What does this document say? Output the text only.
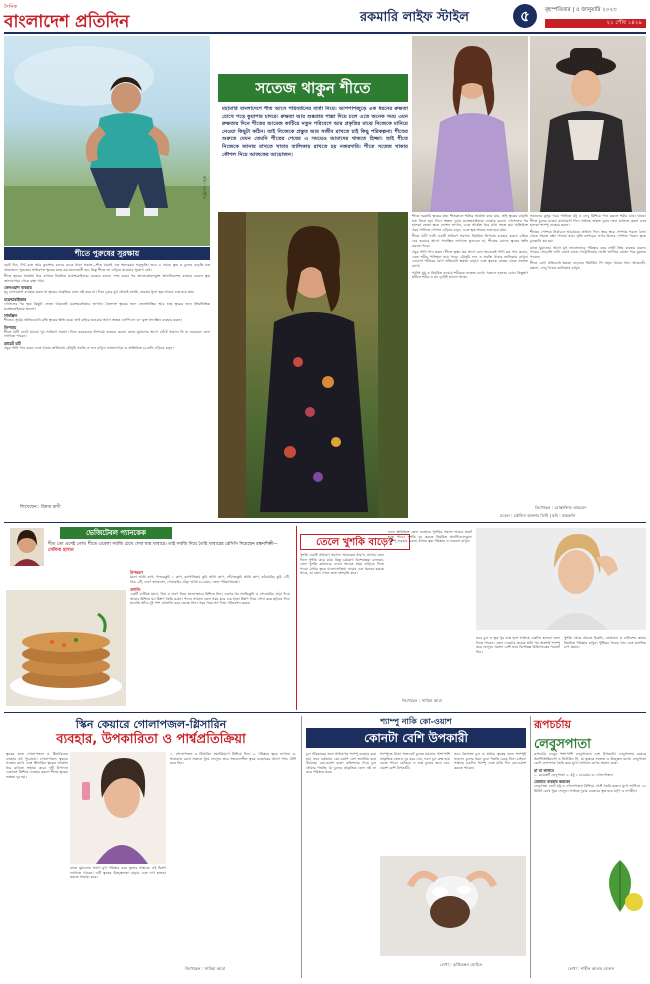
দৈনিক
বাংলাদেশ প্রতিদিন	রকমারি লাইফ স্টাইল	৫	বৃহস্পতিবার | ৫ জানুয়ারি ২০২৩
২১ পৌষ ১৪২৯
ছবি : সংগৃহীত
শীতে পুরুষের সুরক্ষায়

ছোট দিন, দীর্ঘ রাত আর কুয়াশার চাদরে ঢেকে থাকা সকাল—শীত মানেই এক অন্যরকম অনুভূতি। তবে এ সময়ে ত্বক ও চুলের বাড়তি যত্ন প্রয়োজন। পুরুষেরা সাধারণত ত্বকের যত্নে কম মনোযোগী হন, কিন্তু শীতে তা এড়িয়ে যাওয়ার সুযোগ নেই।

শীতে ত্বকের আর্দ্রতা ধরে রাখতে নিয়মিত ময়েশ্চারাইজার ব্যবহার করুন। শেভ করার পর অ্যালকোহলমুক্ত আফটারশেভ ব্যবহার করলে ত্বক জ্বালাপোড়া থেকে রক্ষা পায়।

ফেসওয়াশ ব্যবহার

মৃদু ফেসওয়াশ ব্যবহার করুন যা ত্বকের প্রাকৃতিক তেল নষ্ট করে না। দিনে দুবার মুখ ধোয়াই যথেষ্ট, বারবার ধুলে ত্বক আরও শুষ্ক হয়ে যায়।

ময়েশ্চারাইজার

গোসলের পর ত্বক কিছুটা ভেজা থাকতেই ময়েশ্চারাইজার লাগান। তৈলাক্ত ত্বকের জন্য জেলভিত্তিক আর শুষ্ক ত্বকের জন্য ক্রিমভিত্তিক ময়েশ্চারাইজার ভালো।

সানস্ক্রিন

শীতেও সূর্যের অতিবেগুনি রশ্মি ত্বকের ক্ষতি করে। তাই বাইরে যাওয়ার আগে অন্তত এসপিএফ ৩০ যুক্ত সানস্ক্রিন ব্যবহার করুন।

লিপবাম

শীতে ঠোঁট ফেটে যাওয়া খুব সাধারণ সমস্যা। দিনে কয়েকবার লিপবাম ব্যবহার করুন। রাতে ঘুমানোর আগে ঠোঁটে সামান্য ঘি বা নারকেল তেল লাগাতে পারেন।

ডায়েট চার্ট

প্রচুর পানি পান করুন এবং খাবার তালিকায় মৌসুমি সবজি ও ফল রাখুন। ভাজাপোড়া ও অতিরিক্ত চা-কফি এড়িয়ে চলুন।

লিখেছেন : রিয়াম রাখী
সতেজ থাকুন শীতে
মহামারি বাংলাদেশে শীত আসে পরিবর্তনের বার্তা নিয়ে। আশপাশজুড়ে এক ধরনের রুক্ষতা চোখে পড়ে কুয়াশার চাদরে। রুক্ষতা আর শুষ্কতার পাল্লা দিয়ে চলে এতে অনেক সময় এমন রুক্ষতার দিনে শীতের আমেজ কাটিয়ে নতুন পরিবেশে আর প্রকৃতির মাঝে নিজেকে মানিয়ে নেওয়া কিছুটা কঠিন। তাই নিজেকে প্রস্তুত আর সজীব রাখতে চাই কিছু পরিকল্পনা। শীতের শুরুতে যেমন তেমনি শীতের শেষের এ সময়েও আমাদের থাকতে হিজ্জা। তাই শীতে নিজেকে জানার রাখতে খাবার তালিকায় রাখতে হয় নজরদারি। শীতে সতেজ থাকার কৌশল নিয়ে আজকের আয়োজন।

শীতে দরকারি ত্বকের যত্ন। শীতকালে শরীরে আর্দ্রতা কমে যায়, তাই ত্বকের বাড়তি যত্ন নিতে হয়। দিনে অন্তত দুবার ময়েশ্চারাইজার ব্যবহার করুন। গোসলের পর হালকা ভেজা ত্বকে লোশন লাগান, এতে আর্দ্রতা ধরে রাখা সহজ হয়। অতিরিক্ত গরম পানিতে গোসল এড়িয়ে চলুন, এতে ত্বক আরও শুষ্ক হয়ে যায়।

শীতে ঠোঁট ফাটা একটি সাধারণ সমস্যা। নিয়মিত লিপবাম ব্যবহার করুন। বাইরে বের হওয়ার আগে সানস্ক্রিন লাগাতে ভুলবেন না, শীতের রোদও ত্বকের ক্ষতি করতে পারে।

প্রচুর পানি পান করুন। শীতে তৃষ্ণা কম লাগে বলে অনেকেই পানি কম পান করেন, এতে শরীর পানিশূন্য হয়ে পড়ে। মৌসুমি ফল ও সবজি খাবার তালিকায় রাখুন। এগুলো শরীরের রোগ প্রতিরোধ ক্ষমতা বাড়ায় এবং ত্বককে ভেতর থেকে সতেজ রাখে।

পর্যাপ্ত ঘুম ও নিয়মিত ব্যায়াম শরীরকে সতেজ রাখে। সকালে হালকা রোদে কিছুক্ষণ হাঁটলে শরীর ও মন দুটোই ভালো থাকে।

সকালের কুসুম গরম পানিতে মধু ও লেবু মিশিয়ে পান করলে শরীর চাঙা থাকে। শীতে চুলের যত্নেও মনোযোগ দিন। সপ্তাহে অন্তত দুবার তেল ম্যাসাজ করুন এবং হালকা শ্যাম্পু ব্যবহার করুন।

শীতের পোশাক নির্বাচনে আরামকে প্রাধান্য দিন। স্তরে স্তরে পোশাক পরলে ঠান্ডা থেকে সহজে রক্ষা পাওয়া যায়। সুতি কাপড়ের ওপর উলের পোশাক পরলে ত্বকে চুলকানি কম হয়।

রাতে ঘুমানোর আগে মুখ ভালোভাবে পরিষ্কার করে নাইট ক্রিম ব্যবহার করুন। পায়ের গোড়ালি ফাটা রোধে রাতে পেট্রোলিয়াম জেলি লাগিয়ে মোজা পরে ঘুমাতে পারেন।

শীতে রোগ প্রতিরোধ ক্ষমতা বাড়াতে ভিটামিন সি সমৃদ্ধ খাবার খান। আমলকী, কমলা, লেবু খাবার তালিকায় রাখুন।

লিখেছেন : মোস্তাফিজ আহমেদ
মডেল : তৌহিদা আক্তার তিথি | ছবি : কামরুলি
ভেজিটেবল প্যানকেক
শীত তো এসেই গেল। শীতে এবেলা সবজি চেখে দেখা যায় খাবারে। তাই সবজি দিয়ে তৈরি খাবারের রেসিপি দিয়েছেন রন্ধনশিল্পী— সেলিনা হাসান
উপকরণ

ময়দা আধা কাপ, গাজরকুচি ১ কাপ, ক্যাপসিকাম কুচি আধা কাপ, পেঁয়াজকুচি আধা কাপ, কাঁচামরিচ কুচি ২টি, ডিম ২টি, লবণ স্বাদমতো, গোলমরিচ গুঁড়া আধা চা-চামচ, তেল পরিমাণমতো।

প্রণালি

একটি বাটিতে ময়দা, ডিম ও লবণ নিয়ে ভালোভাবে মিশিয়ে নিন। এরপর সব সবজিকুচি ও গোলমরিচ গুঁড়া দিয়ে আবার মিশিয়ে ঘন মিশ্রণ তৈরি করুন। প্যানে সামান্য তেল গরম করে এক হাতা মিশ্রণ দিয়ে গোল করে ছড়িয়ে দিন। মাঝারি আঁচে দুই পাশ সোনালি করে ভেজে নিন। গরম গরম সস দিয়ে পরিবেশন করুন।

তেলে খুশকি বাড়ে?
খুশকি একটি সাধারণ সমস্যা। অনেকের ধারণা, মাথায় তেল দিলে খুশকি কমে যায়। কিন্তু চর্মরোগ বিশেষজ্ঞরা বলছেন, তেল খুশকি কমানোর বদলে অনেক সময় বাড়িয়ে দিতে পারে। মাথার ত্বকে ম্যালাসেজিয়া নামের এক ধরনের ছত্রাক থাকে, যা তেল পেলে দ্রুত বংশবৃদ্ধি করে।
ফলে অতিরিক্ত তেল ব্যবহারে খুশকির সমস্যা আরও প্রকট হতে পারে। খুশকি দূর করতে নিয়মিত অ্যান্টিড্যানড্রাফ শ্যাম্পু ব্যবহার করুন। মাথার ত্বক পরিষ্কার ও শুকনো রাখুন।
তবে চুল ও ত্বক খুব শুষ্ক হলে সপ্তাহে একদিন হালকা তেল দিতে পারেন। তেল দেওয়ার কয়েক ঘণ্টা পর অবশ্যই শ্যাম্পু করে ফেলুন। সমস্যা বেশি হলে বিশেষজ্ঞ চিকিৎসকের পরামর্শ নিন।
খুশকি থেকে বাঁচতে চিরুনি, তোয়ালে ও বালিশের কভার নিয়মিত পরিষ্কার রাখুন। পুষ্টিকর খাবার খান এবং মানসিক চাপ কমান।
লিখেছেন : সাবিহা আরা
স্কিন কেয়ারে গোলাপজল-গ্লিসারিন
ব্যবহার, উপকারিতা ও পার্শ্বপ্রতিক্রিয়া
ত্বকের যত্নে গোলাপজল ও গ্লিসারিনের ব্যবহার বহু পুরোনো। গোলাপজল ত্বককে সতেজ রাখে এবং গ্লিসারিন ত্বকের আর্দ্রতা ধরে রাখতে সাহায্য করে। দুটি উপাদান একসঙ্গে মিশিয়ে ব্যবহার করলে শীতে ত্বকের শুষ্কতা দূর হয়।
রাতে ঘুমানোর আগে মুখ পরিষ্কার করে তুলার সাহায্যে এই মিশ্রণ লাগাতে পারেন। এটি ত্বকের উজ্জ্বলতা বাড়ায় এবং দাগ হালকা করতে সাহায্য করে।
১. গোলাপজল ও গ্লিসারিন সমপরিমাণে মিশিয়ে নিন। ২. পরিষ্কার ত্বকে লাগান। ৩. সারারাত রেখে সকালে ধুয়ে ফেলুন। তবে সংবেদনশীল ত্বকে ব্যবহারের আগে প্যাচ টেস্ট করে নিন।
লিখেছেন : সাবিহা আরা
শ্যাম্পু নাকি কো-ওয়াশ
কোনটা বেশি উপকারী
চুল পরিষ্কারের জন্য সাধারণত শ্যাম্পু ব্যবহার করা হয়। তবে বর্তমানে কো-ওয়াশ বেশ জনপ্রিয় হয়ে উঠেছে। কো-ওয়াশ হলো কন্ডিশনার দিয়ে চুল ধোয়ার পদ্ধতি, যা চুলের প্রাকৃতিক তেল নষ্ট না করে পরিষ্কার করে।
শ্যাম্পুতে থাকা সালফেট চুলের ময়লার পাশাপাশি প্রাকৃতিক তেলও দূর করে দেয়, ফলে চুল রুক্ষ হয়ে যেতে পারে। কোঁকড়া ও শুষ্ক চুলের জন্য কো-ওয়াশ বেশি উপকারী।
তবে তৈলাক্ত চুল ও মাথার ত্বকের জন্য শ্যাম্পুই ভালো। চুলের ধরন বুঝে পদ্ধতি বেছে নিন। চাইলে সপ্তাহে একদিন শ্যাম্পু এবং বাকি দিন কো-ওয়াশ করতে পারেন।
লেখা : তৃপ্তিরঞ্জন মোহিত
রূপচর্চায়
লেবুসপাতা

রূপচর্চায় লেবুর পাশাপাশি লেবুপাতাও বেশ উপকারী। লেবুপাতায় রয়েছে অ্যান্টিঅক্সিডেন্ট ও ভিটামিন সি, যা ত্বককে সতেজ ও উজ্জ্বল রাখে। লেবুপাতা বেটে ফেসপ্যাক তৈরি করে মুখে লাগালে ব্রণের সমস্যা কমে।

যা যা লাগবে

১. কয়েকটি লেবুপাতা ২. মধু ১ চা-চামচ ৩. গোলাপজল

যেভাবে ব্যবহার করবেন

লেবুপাতা বেটে মধু ও গোলাপজল মিশিয়ে পেস্ট তৈরি করুন। মুখে লাগিয়ে ১৫ মিনিট রেখে ধুয়ে ফেলুন। সপ্তাহে দুবার ব্যবহারে ত্বক হবে মসৃণ ও দাগহীন।

লেখা : শাহীন আলম দোলন
